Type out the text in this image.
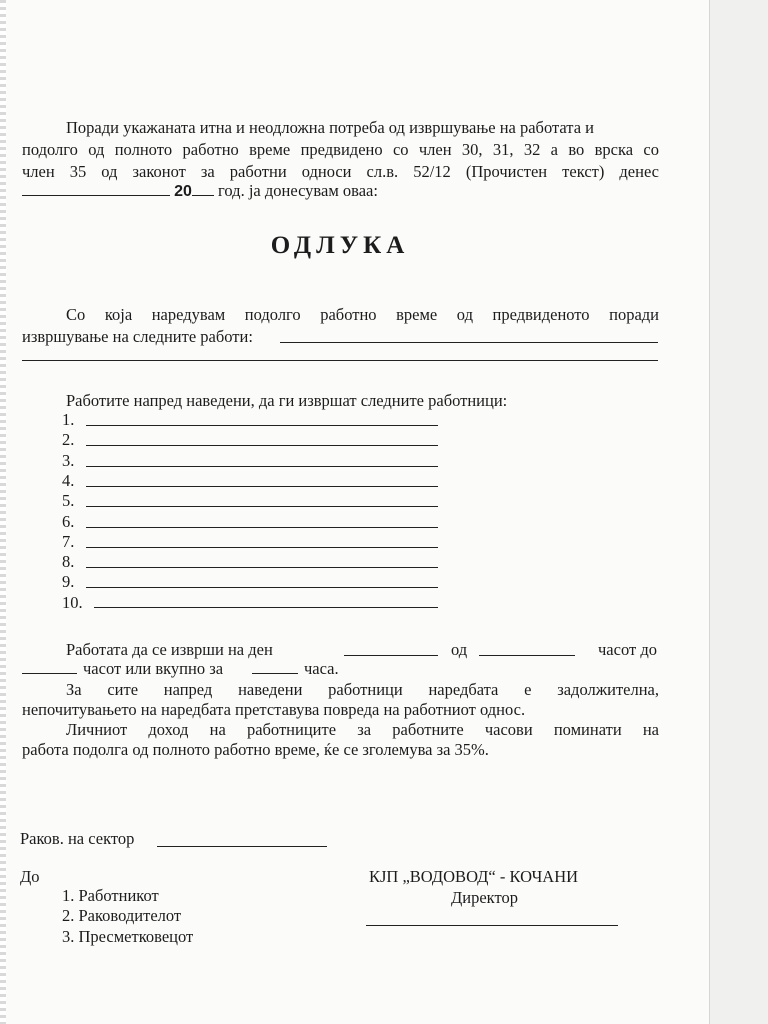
Поради укажаната итна и неодложна потреба од извршување на работата и
подолго од полнотo работно време предвидено со член 30, 31, 32 а во врска со
член 35 од законот за работни односи сл.в. 52/12 (Прочистен текст) денес
20 год. ја донесувам оваа:
ОДЛУКА
Со која наредувам подолго работно време од предвиденото поради
извршување на следните работи:
Работите напред наведени, да ги извршат следните работници:
1.
2.
3.
4.
5.
6.
7.
8.
9.
10.
Работата да се изврши на ден	од	часот до
часот или вкупно за	часа.
За сите напред наведени работници наредбата е задолжителна,
непочитувањето на наредбата претставува повреда на работниот однос.
Личниот доход на работниците за работните часови поминати на
работа подолга од полнотo работно време, ќе се зголемува за 35%.
Раков. на сектор
До
1. Работникот
2. Раководителот
3. Пресметковецот
КЈП „ВОДОВОД“ - КОЧАНИ
Директор
